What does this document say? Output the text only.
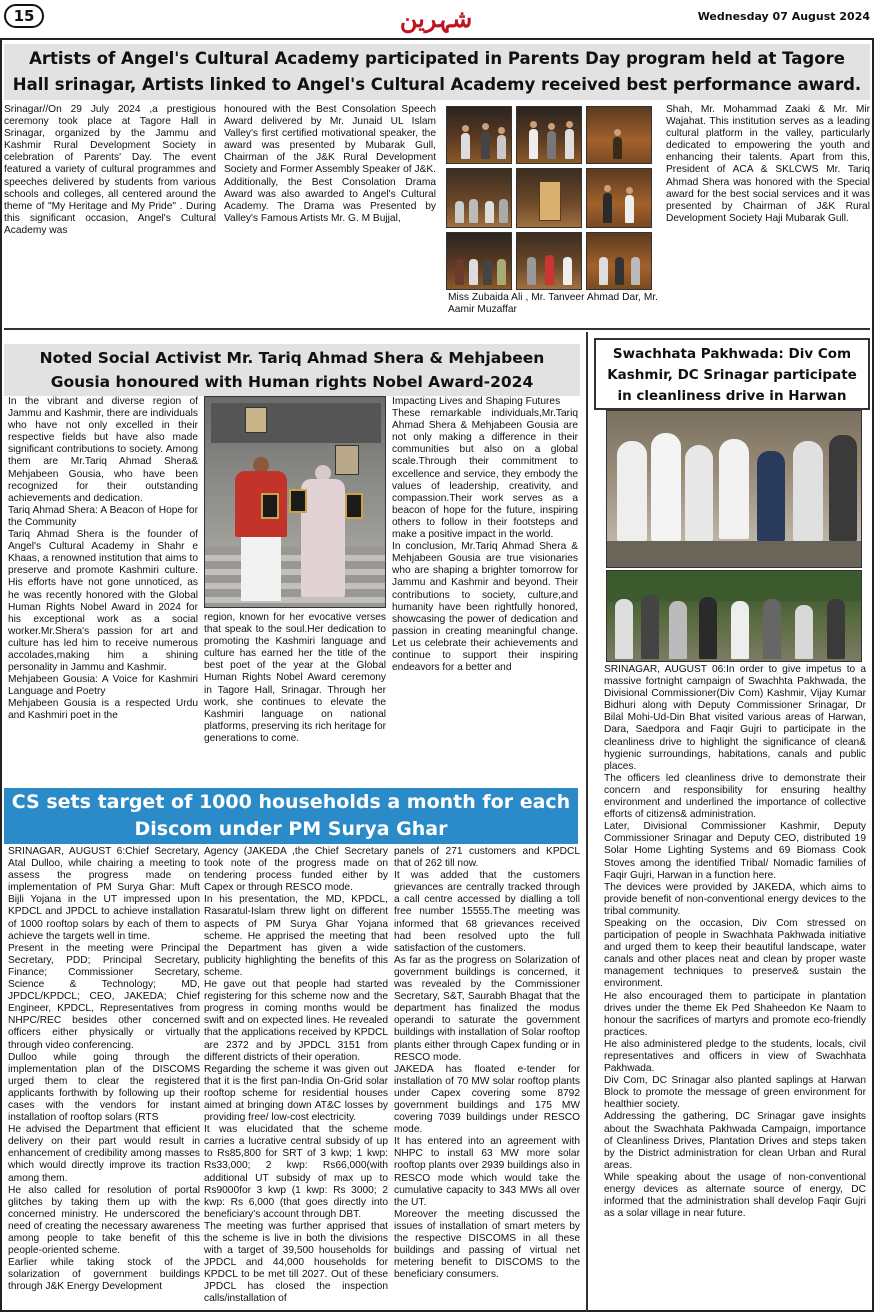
15	شہرین	Wednesday 07 August 2024
Artists of Angel's Cultural Academy participated in Parents Day program held at Tagore Hall srinagar, Artists linked to Angel's Cultural Academy received best performance award.
Srinagar//On 29 July 2024 ,a prestigious ceremony took place at Tagore Hall in Srinagar, organized by the Jammu and Kashmir Rural Development Society in celebration of Parents' Day. The event featured a variety of cultural programmes and speeches delivered by students from various schools and colleges, all centered around the theme of "My Heritage and My Pride" . During this significant occasion, Angel's Cultural Academy was
honoured with the Best Consolation Speech Award delivered by Mr. Junaid UL Islam Valley's first certified motivational speaker, the award was presented by Mubarak Gull, Chairman of the J&K Rural Development Society and Former Assembly Speaker of J&K. Additionally, the Best Consolation Drama Award was also awarded to Angel's Cultural Academy. The Drama was Presented by Valley's Famous Artists Mr. G. M Bujjal,
Miss Zubaida Ali , Mr. Tanveer Ahmad Dar, Mr. Aamir Muzaffar
Shah, Mr. Mohammad Zaaki & Mr. Mir Wajahat. This institution serves as a leading cultural platform in the valley, particularly dedicated to empowering the youth and enhancing their talents. Apart from this, President of ACA & SKLCWS Mr. Tariq Ahmad Shera was honored with the Special award for the best social services and it was presented by Chairman of J&K Rural Development Society Haji Mubarak Gull.
Noted Social Activist Mr. Tariq Ahmad Shera & Mehjabeen Gousia honoured with Human rights Nobel Award-2024
In the vibrant and diverse region of Jammu and Kashmir, there are individuals who have not only excelled in their respective fields but have also made significant contributions to society. Among them are Mr.Tariq Ahmad Shera& Mehjabeen Gousia, who have been recognized for their outstanding achievements and dedication.
Tariq Ahmad Shera: A Beacon of Hope for the Community
Tariq Ahmad Shera is the founder of Angel's Cultural Academy in Shahr e Khaas, a renowned institution that aims to preserve and promote Kashmiri culture. His efforts have not gone unnoticed, as he was recently honored with the Global Human Rights Nobel Award in 2024 for his exceptional work as a social worker.Mr.Shera's passion for art and culture has led him to receive numerous accolades,making him a shining personality in Jammu and Kashmir.
Mehjabeen Gousia: A Voice for Kashmiri Language and Poetry
Mehjabeen Gousia is a respected Urdu and Kashmiri poet in the
region, known for her evocative verses that speak to the soul.Her dedication to promoting the Kashmiri language and culture has earned her the title of the best poet of the year at the Global Human Rights Nobel Award ceremony in Tagore Hall, Srinagar. Through her work, she continues to elevate the Kashmiri language on national platforms, preserving its rich heritage for generations to come.
Impacting Lives and Shaping Futures
These remarkable individuals,Mr.Tariq Ahmad Shera & Mehjabeen Gousia are not only making a difference in their communities but also on a global scale.Through their commitment to excellence and service, they embody the values of leadership, creativity, and compassion.Their work serves as a beacon of hope for the future, inspiring others to follow in their footsteps and make a positive impact in the world.
In conclusion, Mr.Tariq Ahmad Shera & Mehjabeen Gousia are true visionaries who are shaping a brighter tomorrow for Jammu and Kashmir and beyond. Their contributions to society, culture,and humanity have been rightfully honored, showcasing the power of dedication and passion in creating meaningful change. Let us celebrate their achievements and continue to support their inspiring endeavors for a better and
Swachhata Pakhwada: Div Com Kashmir, DC Srinagar participate in cleanliness drive in Harwan
SRINAGAR, AUGUST 06:In order to give impetus to a massive fortnight campaign of Swachhta Pakhwada, the Divisional Commissioner(Div Com) Kashmir, Vijay Kumar Bidhuri along with Deputy Commissioner Srinagar, Dr Bilal Mohi-Ud-Din Bhat visited various areas of Harwan, Dara, Saedpora and Faqir Gujri to participate in the cleanliness drive to highlight the significance of clean& hygienic surroundings, habitations, canals and public places.
The officers led cleanliness drive to demonstrate their concern and responsibility for ensuring healthy environment and underlined the importance of collective efforts of citizens& administration.
Later, Divisional Commissioner Kashmir, Deputy Commissioner Srinagar and Deputy CEO, distributed 19 Solar Home Lighting Systems and 69 Biomass Cook Stoves among the identified Tribal/ Nomadic families of Faqir Gujri, Harwan in a function here.
The devices were provided by JAKEDA, which aims to provide benefit of non-conventional energy devices to the tribal community.
Speaking on the occasion, Div Com stressed on participation of people in Swachhata Pakhwada initiative and urged them to keep their beautiful landscape, water canals and other places neat and clean by proper waste management techniques to preserve& sustain the environment.
He also encouraged them to participate in plantation drives under the theme Ek Ped Shaheedon Ke Naam to honour the sacrifices of martyrs and promote eco-friendly practices.
He also administered pledge to the students, locals, civil representatives and officers in view of Swachhata Pakhwada.
Div Com, DC Srinagar also planted saplings at Harwan Block to promote the message of green environment for healthier society.
Addressing the gathering, DC Srinagar gave insights about the Swachhata Pakhwada Campaign, importance of Cleanliness Drives, Plantation Drives and steps taken by the District administration for clean Urban and Rural areas.
While speaking about the usage of non-conventional energy devices as alternate source of energy, DC informed that the administration shall develop Faqir Gujri as a solar village in near future.
CS sets target of 1000 households a month for each Discom under PM Surya Ghar
SRINAGAR, AUGUST 6:Chief Secretary, Atal Dulloo, while chairing a meeting to assess the progress made on implementation of PM Surya Ghar: Muft Bijli Yojana in the UT impressed upon KPDCL and JPDCL to achieve installation of 1000 rooftop solars by each of them to achieve the targets well in time.
Present in the meeting were Principal Secretary, PDD; Principal Secretary, Finance; Commissioner Secretary, Science & Technology; MD, JPDCL/KPDCL; CEO, JAKEDA; Chief Engineer, KPDCL, Representatives from NHPC/REC besides other concerned officers either physically or virtually through video conferencing.
Dulloo while going through the implementation plan of the DISCOMS urged them to clear the registered applicants forthwith by following up their cases with the vendors for instant installation of rooftop solars (RTS
He advised the Department that efficient delivery on their part would result in enhancement of credibility among masses which would directly improve its traction among them.
He also called for resolution of portal glitches by taking them up with the concerned ministry. He underscored the need of creating the necessary awareness among people to take benefit of this people-oriented scheme.
Earlier while taking stock of the solarization of government buildings through J&K Energy Development
Agency (JAKEDA ,the Chief Secretary took note of the progress made on tendering process funded either by Capex or through RESCO mode.
In his presentation, the MD, KPDCL, Rasaratul-Islam threw light on different aspects of PM Surya Ghar Yojana scheme. He apprised the meeting that the Department has given a wide publicity highlighting the benefits of this scheme.
He gave out that people had started registering for this scheme now and the progress in coming months would be swift and on expected lines. He revealed that the applications received by KPDCL are 2372 and by JPDCL 3151 from different districts of their operation.
Regarding the scheme it was given out that it is the first pan-India On-Grid solar rooftop scheme for residential houses aimed at bringing down AT&C losses by providing free/ low-cost electricity.
It was elucidated that the scheme carries a lucrative central subsidy of up to Rs85,800 for SRT of 3 kwp; 1 kwp: Rs33,000; 2 kwp: Rs66,000(with additional UT subsidy of max up to Rs9000for 3 kwp (1 kwp: Rs 3000; 2 kwp: Rs 6,000 (that goes directly into beneficiary's account through DBT.
The meeting was further apprised that the scheme is live in both the divisions with a target of 39,500 households for JPDCL and 44,000 households for KPDCL to be met till 2027. Out of these JPDCL has closed the inspection calls/installation of
panels of 271 customers and KPDCL that of 262 till now.
It was added that the customers grievances are centrally tracked through a call centre accessed by dialling a toll free number 15555.The meeting was informed that 68 grievances received had been resolved upto the full satisfaction of the customers.
As far as the progress on Solarization of government buildings is concerned, it was revealed by the Commissioner Secretary, S&T, Saurabh Bhagat that the department has finalized the modus operandi to saturate the government buildings with installation of Solar rooftop plants either through Capex funding or in RESCO mode.
JAKEDA has floated e-tender for installation of 70 MW solar rooftop plants under Capex covering some 8792 government buildings and 175 MW covering 7039 buildings under RESCO mode.
It has entered into an agreement with NHPC to install 63 MW more solar rooftop plants over 2939 buildings also in RESCO mode which would take the cumulative capacity to 343 MWs all over the UT.
Moreover the meeting discussed the issues of installation of smart meters by the respective DISCOMS in all these buildings and passing of virtual net metering benefit to DISCOMS to the beneficiary consumers.
